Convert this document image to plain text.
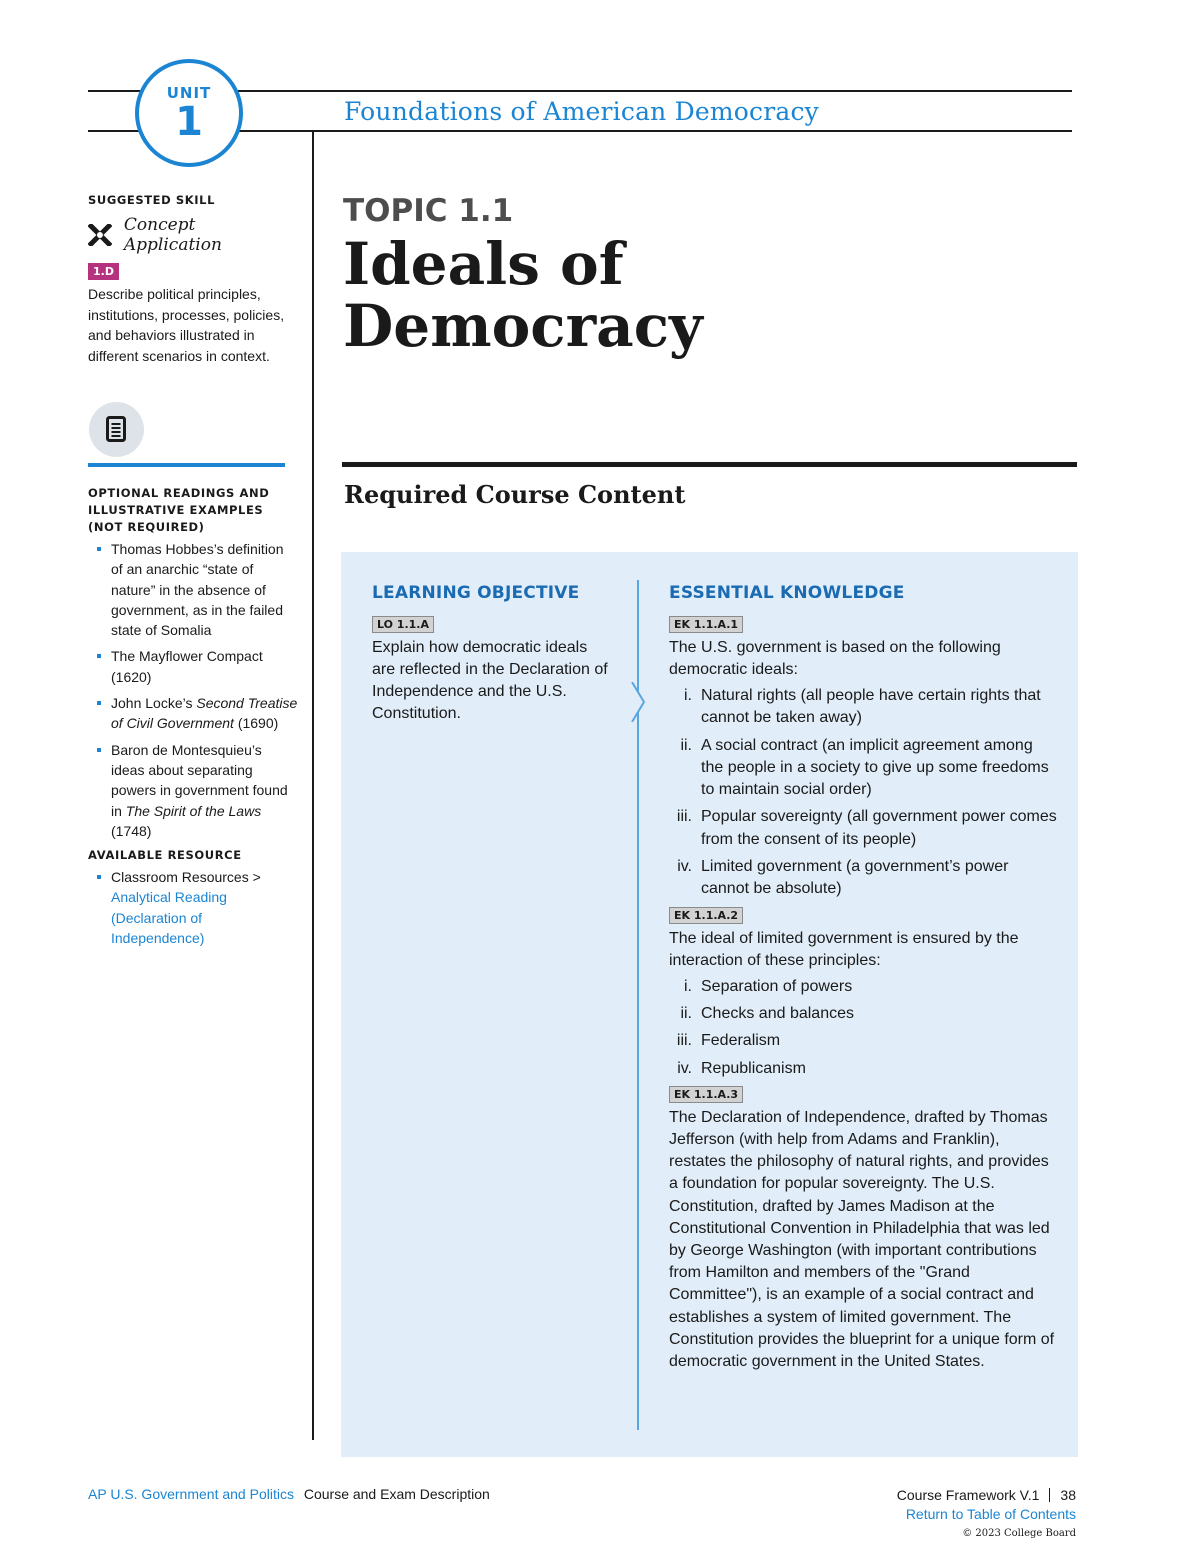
UNIT
1	Foundations of American Democracy
SUGGESTED SKILL
Concept Application
1.D

Describe political principles, institutions, processes, policies, and behaviors illustrated in different scenarios in context.

OPTIONAL READINGS AND ILLUSTRATIVE EXAMPLES (NOT REQUIRED)
Thomas Hobbes’s definition of an anarchic “state of nature” in the absence of government, as in the failed state of Somalia
The Mayflower Compact (1620)
John Locke’s Second Treatise of Civil Government (1690)
Baron de Montesquieu’s ideas about separating powers in government found in The Spirit of the Laws (1748)
AVAILABLE RESOURCE
Classroom Resources >
Analytical Reading (Declaration of Independence)
TOPIC 1.1
Ideals of Democracy
Required Course Content
LEARNING OBJECTIVE
LO 1.1.A

Explain how democratic ideals are reflected in the Declaration of Independence and the U.S. Constitution.

ESSENTIAL KNOWLEDGE
EK 1.1.A.1

The U.S. government is based on the following democratic ideals:

i. Natural rights (all people have certain rights that cannot be taken away)
ii. A social contract (an implicit agreement among the people in a society to give up some freedoms to maintain social order)
iii. Popular sovereignty (all government power comes from the consent of its people)
iv. Limited government (a government’s power cannot be absolute)
EK 1.1.A.2

The ideal of limited government is ensured by the interaction of these principles:

i. Separation of powers
ii. Checks and balances
iii. Federalism
iv. Republicanism
EK 1.1.A.3

The Declaration of Independence, drafted by Thomas Jefferson (with help from Adams and Franklin), restates the philosophy of natural rights, and provides a foundation for popular sovereignty. The U.S. Constitution, drafted by James Madison at the Constitutional Convention in Philadelphia that was led by George Washington (with important contributions from Hamilton and members of the "Grand Committee"), is an example of a social contract and establishes a system of limited government. The Constitution provides the blueprint for a unique form of democratic government in the United States.

AP U.S. Government and Politics Course and Exam Description	Course Framework V.1 38
Return to Table of Contents
© 2023 College Board
